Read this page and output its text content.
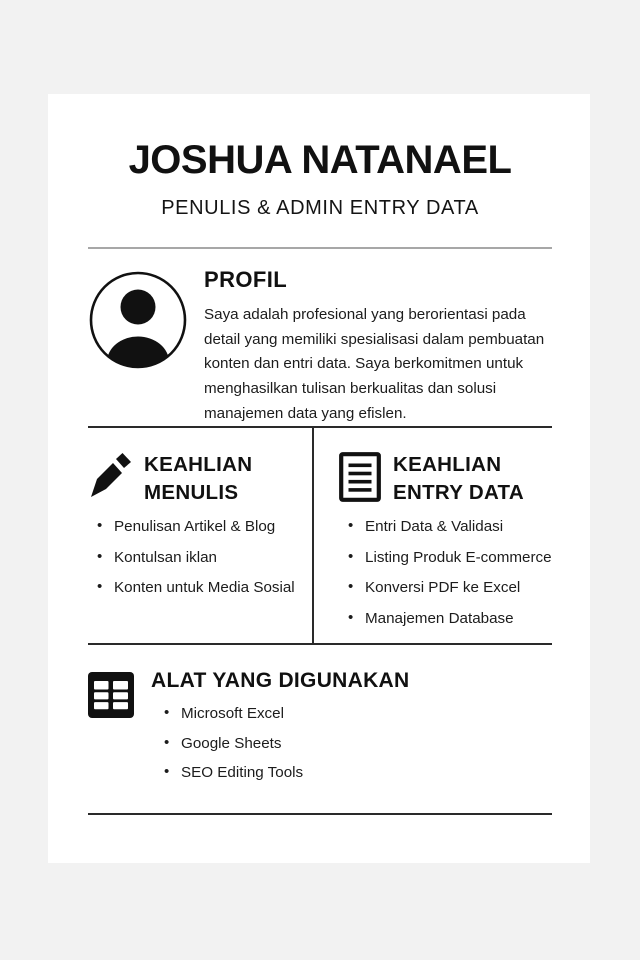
JOSHUA NATANAEL
PENULIS & ADMIN ENTRY DATA
PROFIL
Saya adalah profesional yang berorientasi pada detail yang memiliki spesialisasi dalam pembuatan konten dan entri data. Saya berkomitmen untuk menghasilkan tulisan berkualitas dan solusi manajemen data yang efislen.
KEAHLIAN
MENULIS
• Penulisan Artikel & Blog
• Kontulsan iklan
• Konten untuk Media Sosial
KEAHLIAN
ENTRY DATA
• Entri Data & Validasi
• Listing Produk E-commerce
• Konversi PDF ke Excel
• Manajemen Database
ALAT YANG DIGUNAKAN
• Microsoft Excel
• Google Sheets
• SEO Editing Tools
